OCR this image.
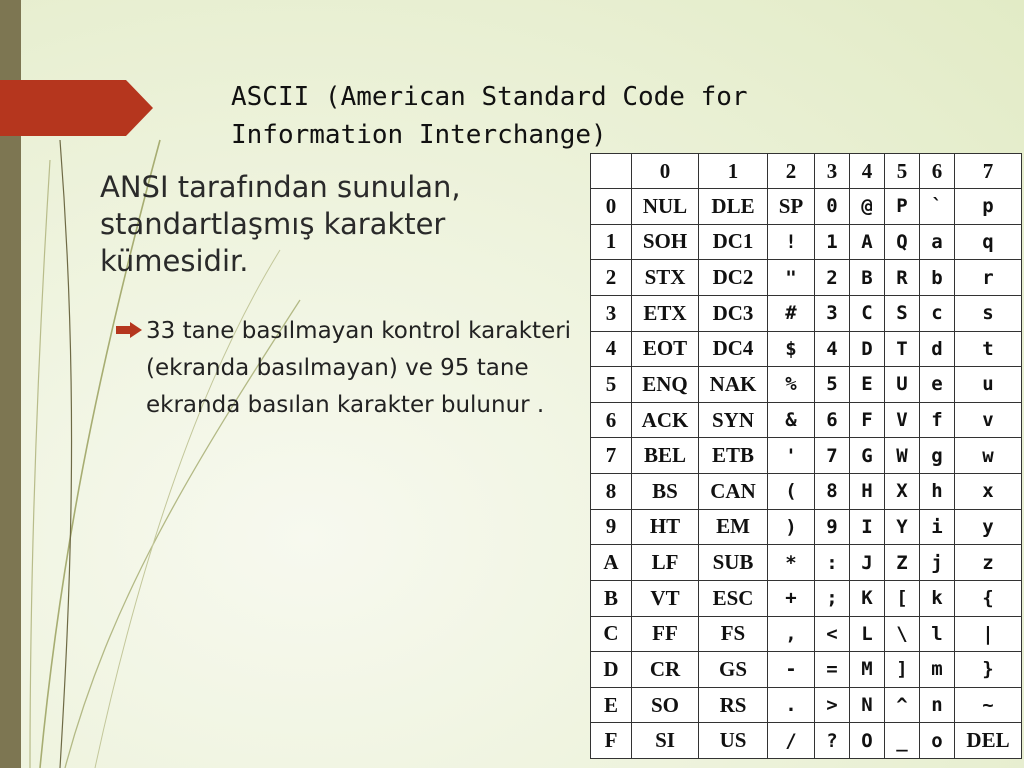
ASCII (American Standard Code for Information Interchange)

ANSI tarafından sunulan, standartlaşmış karakter kümesidir.

33 tane basılmayan kontrol karakteri (ekranda basılmayan) ve 95 tane ekranda basılan karakter bulunur .
	0	1	2	3	4	5	6	7
0	NUL	DLE	SP	0	@	P	`	p
1	SOH	DC1	!	1	A	Q	a	q
2	STX	DC2	"	2	B	R	b	r
3	ETX	DC3	#	3	C	S	c	s
4	EOT	DC4	$	4	D	T	d	t
5	ENQ	NAK	%	5	E	U	e	u
6	ACK	SYN	&	6	F	V	f	v
7	BEL	ETB	'	7	G	W	g	w
8	BS	CAN	(	8	H	X	h	x
9	HT	EM	)	9	I	Y	i	y
A	LF	SUB	*	:	J	Z	j	z
B	VT	ESC	+	;	K	[	k	{
C	FF	FS	,	<	L	\	l	|
D	CR	GS	-	=	M	]	m	}
E	SO	RS	.	>	N	^	n	~
F	SI	US	/	?	O	_	o	DEL
